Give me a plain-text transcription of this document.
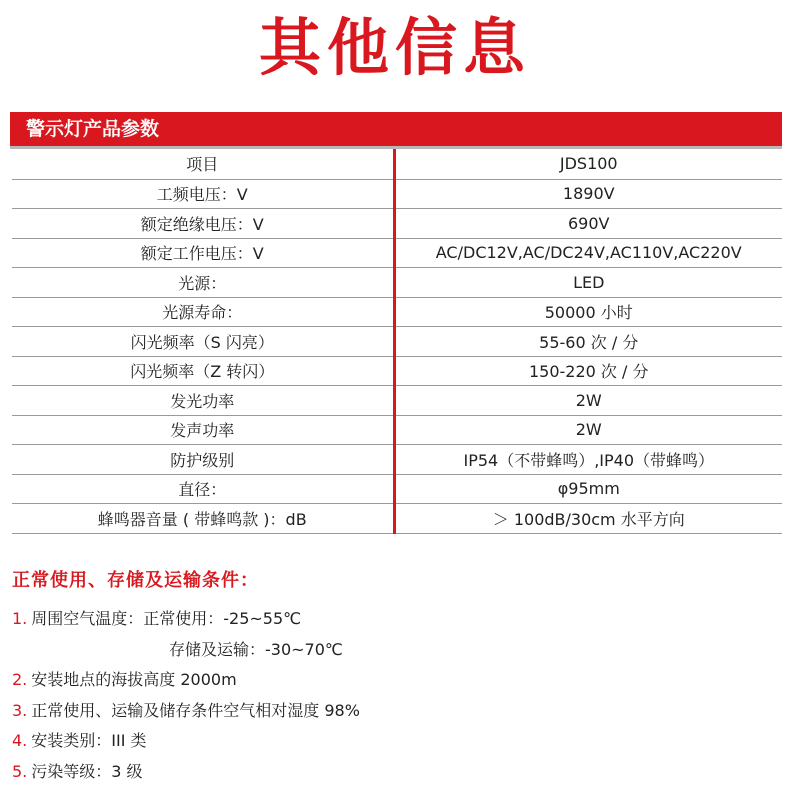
其他信息
警示灯产品参数
项目	JDS100
工频电压：V	1890V
额定绝缘电压：V	690V
额定工作电压：V	AC/DC12V,AC/DC24V,AC110V,AC220V
光源：	LED
光源寿命：	50000 小时
闪光频率（S 闪亮）	55-60 次 / 分
闪光频率（Z 转闪）	150-220 次 / 分
发光功率	2W
发声功率	2W
防护级别	IP54（不带蜂鸣）,IP40（带蜂鸣）
直径：	φ95mm
蜂鸣器音量 ( 带蜂鸣款 )：dB	＞ 100dB/30cm 水平方向
正常使用、存储及运输条件：
1. 周围空气温度：正常使用：-25~55℃
存储及运输：-30~70℃
2. 安装地点的海拔高度 2000m
3. 正常使用、运输及储存条件空气相对湿度 98%
4. 安装类别：III 类
5. 污染等级：3 级
